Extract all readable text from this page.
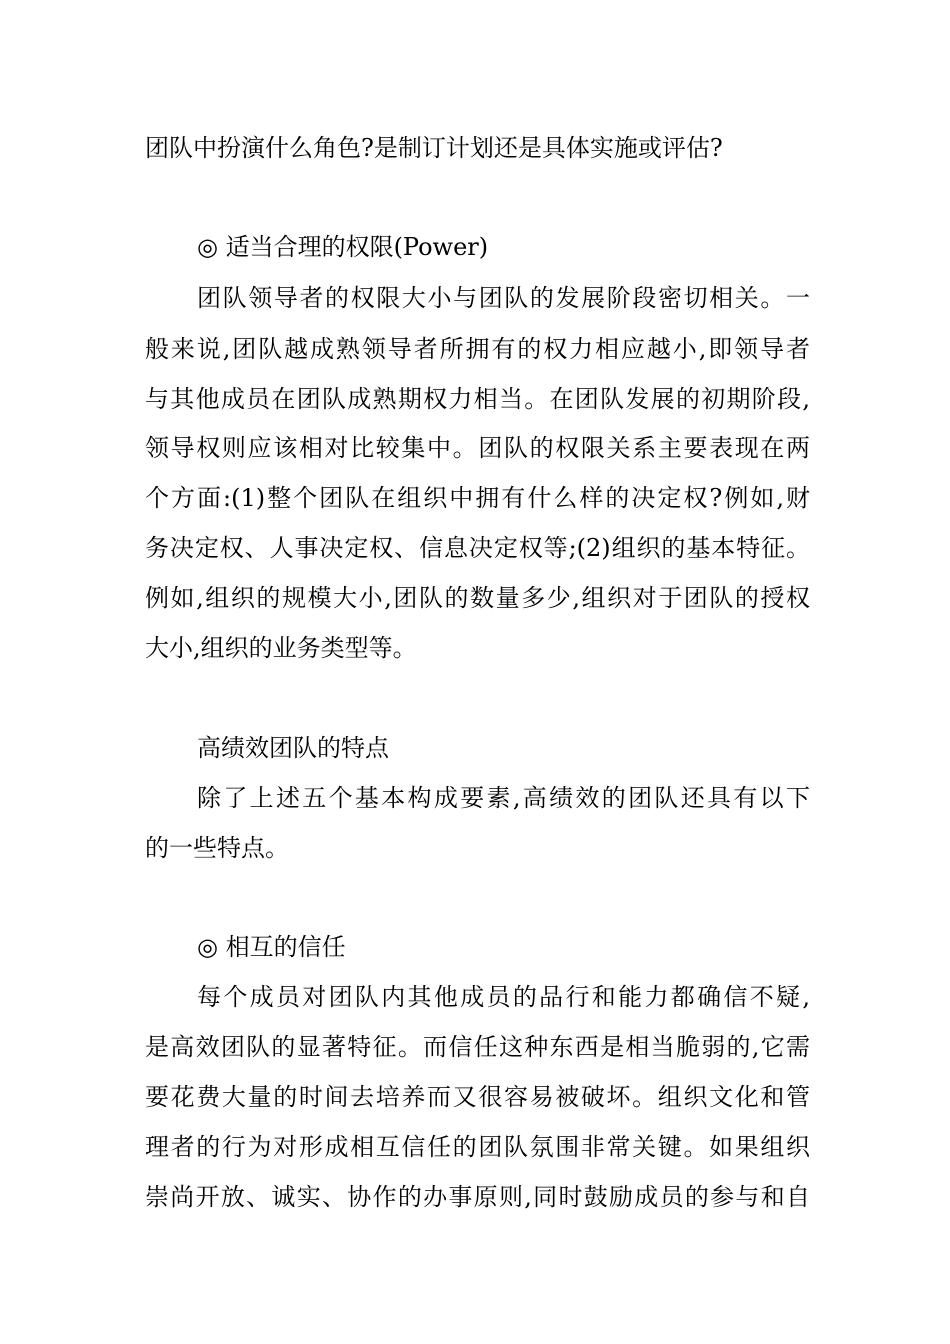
团队中扮演什么角色?是制订计划还是具体实施或评估?
◎ 适当合理的权限(Power)
团队领导者的权限大小与团队的发展阶段密切相关。一
般来说,团队越成熟领导者所拥有的权力相应越小,即领导者
与其他成员在团队成熟期权力相当。在团队发展的初期阶段,
领导权则应该相对比较集中。团队的权限关系主要表现在两
个方面:(1)整个团队在组织中拥有什么样的决定权?例如,财
务决定权、人事决定权、信息决定权等;(2)组织的基本特征。
例如,组织的规模大小,团队的数量多少,组织对于团队的授权
大小,组织的业务类型等。
高绩效团队的特点
除了上述五个基本构成要素,高绩效的团队还具有以下
的一些特点。
◎ 相互的信任
每个成员对团队内其他成员的品行和能力都确信不疑,
是高效团队的显著特征。而信任这种东西是相当脆弱的,它需
要花费大量的时间去培养而又很容易被破坏。组织文化和管
理者的行为对形成相互信任的团队氛围非常关键。如果组织
崇尚开放、诚实、协作的办事原则,同时鼓励成员的参与和自
